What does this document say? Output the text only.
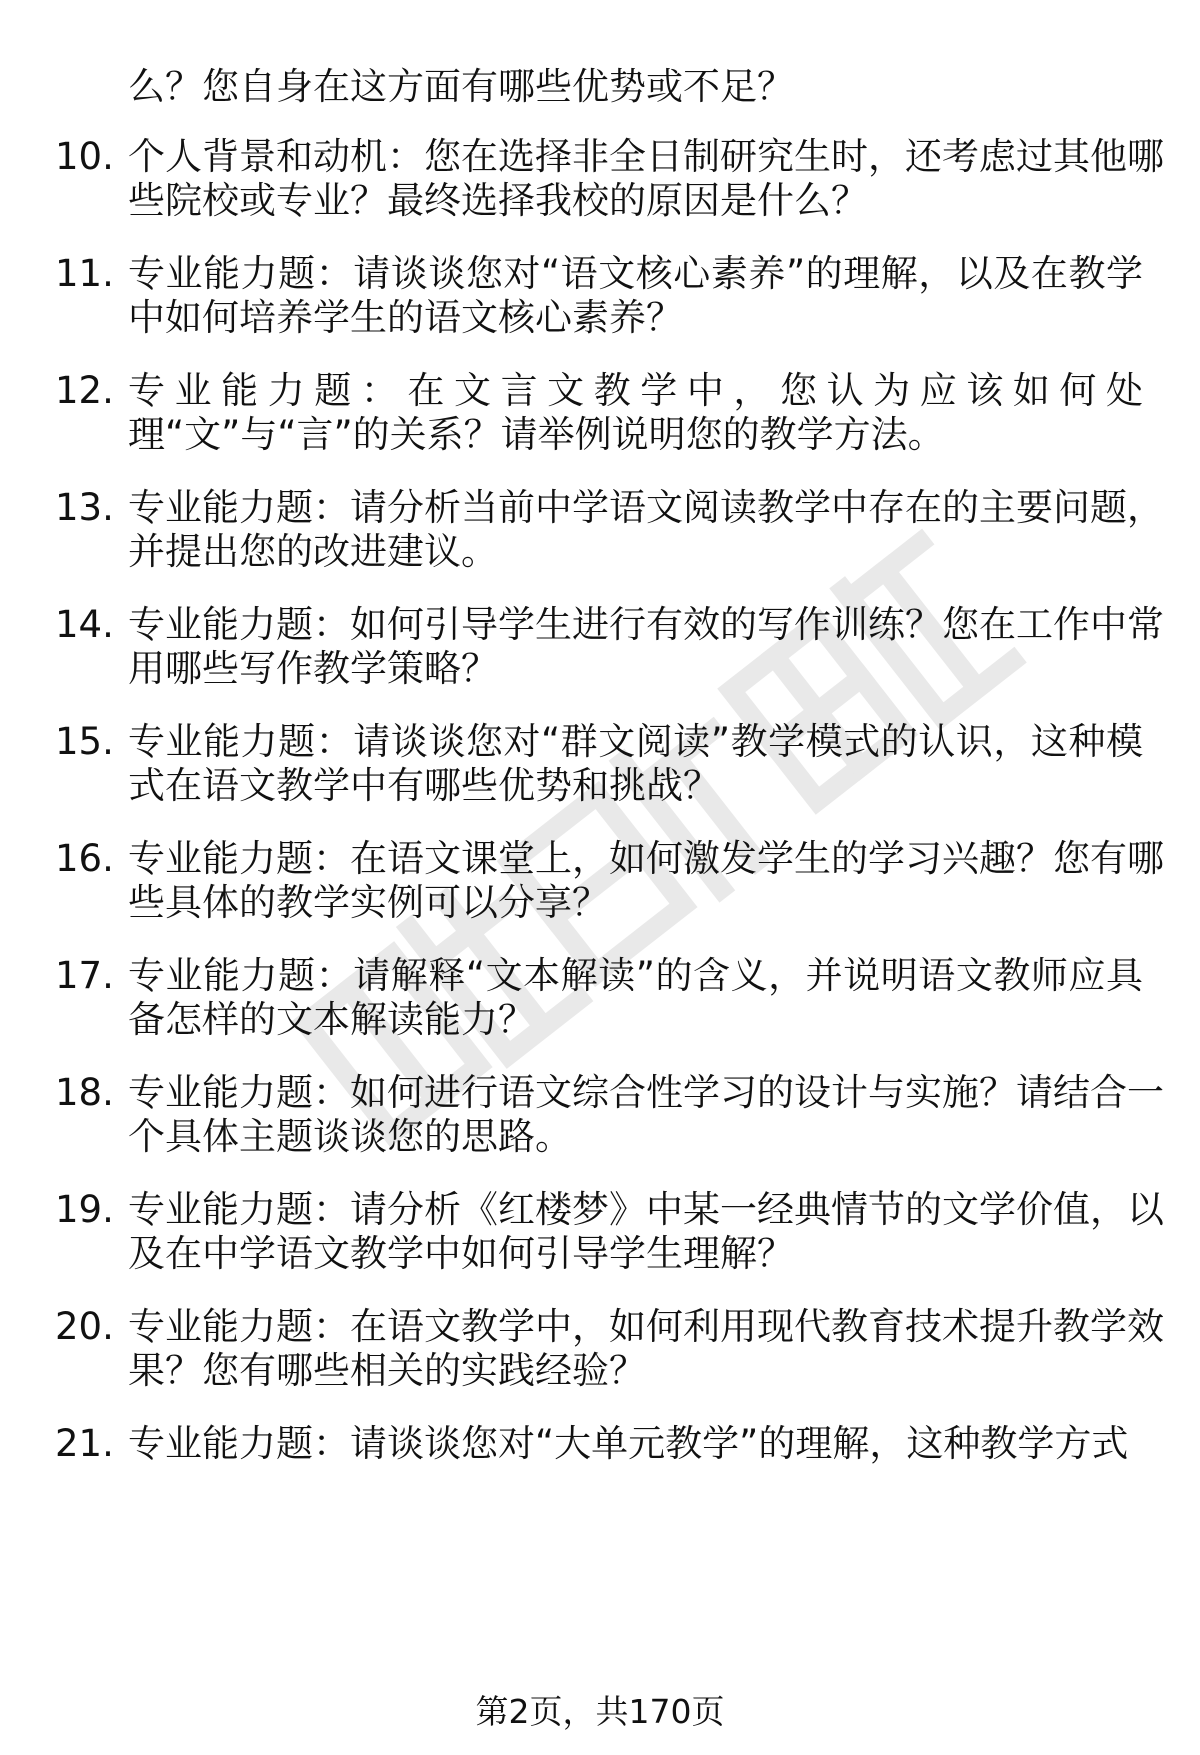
么？您自身在这方面有哪些优势或不足？
10. 个人背景和动机：您在选择非全日制研究生时，还考虑过其他哪
些院校或专业？最终选择我校的原因是什么？
11. 专业能力题：请谈谈您对“语文核心素养”的理解，以及在教学
中如何培养学生的语文核心素养？
12. 专业能力题：在文言文教学中，您认为应该如何处
理“文”与“言”的关系？请举例说明您的教学方法。
13. 专业能力题：请分析当前中学语文阅读教学中存在的主要问题，
并提出您的改进建议。
14. 专业能力题：如何引导学生进行有效的写作训练？您在工作中常
用哪些写作教学策略？
15. 专业能力题：请谈谈您对“群文阅读”教学模式的认识，这种模
式在语文教学中有哪些优势和挑战？
16. 专业能力题：在语文课堂上，如何激发学生的学习兴趣？您有哪
些具体的教学实例可以分享？
17. 专业能力题：请解释“文本解读”的含义，并说明语文教师应具
备怎样的文本解读能力？
18. 专业能力题：如何进行语文综合性学习的设计与实施？请结合一
个具体主题谈谈您的思路。
19. 专业能力题：请分析《红楼梦》中某一经典情节的文学价值，以
及在中学语文教学中如何引导学生理解？
20. 专业能力题：在语文教学中，如何利用现代教育技术提升教学效
果？您有哪些相关的实践经验？
21. 专业能力题：请谈谈您对“大单元教学”的理解，这种教学方式
第2页，共170页
